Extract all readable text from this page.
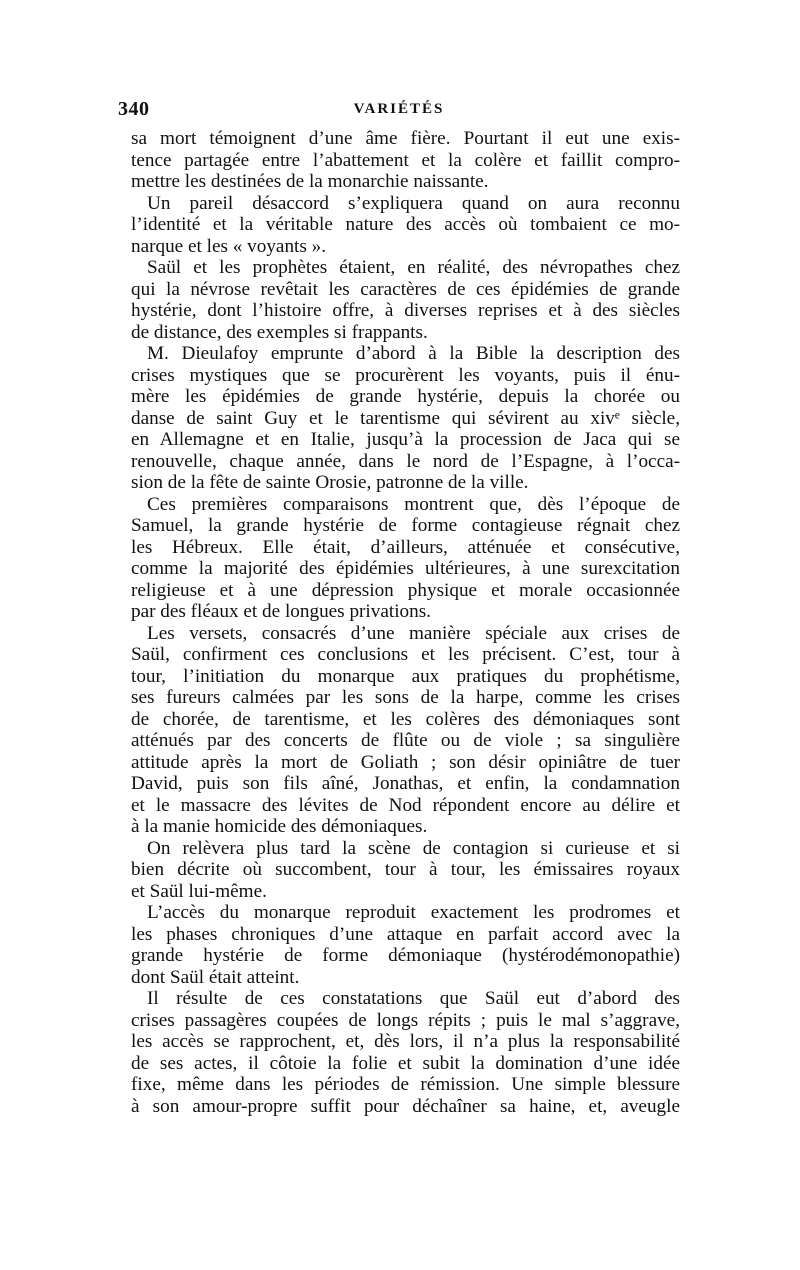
340	VARIÉTÉS
sa mort témoignent d’une âme fière. Pourtant il eut une exis-
tence partagée entre l’abattement et la colère et faillit compro-
mettre les destinées de la monarchie naissante.
Un pareil désaccord s’expliquera quand on aura reconnu
l’identité et la véritable nature des accès où tombaient ce mo-
narque et les « voyants ».
Saül et les prophètes étaient, en réalité, des névropathes chez
qui la névrose revêtait les caractères de ces épidémies de grande
hystérie, dont l’histoire offre, à diverses reprises et à des siècles
de distance, des exemples si frappants.
M. Dieulafoy emprunte d’abord à la Bible la description des
crises mystiques que se procurèrent les voyants, puis il énu-
mère les épidémies de grande hystérie, depuis la chorée ou
danse de saint Guy et le tarentisme qui sévirent au xivᵉ siècle,
en Allemagne et en Italie, jusqu’à la procession de Jaca qui se
renouvelle, chaque année, dans le nord de l’Espagne, à l’occa-
sion de la fête de sainte Orosie, patronne de la ville.
Ces premières comparaisons montrent que, dès l’époque de
Samuel, la grande hystérie de forme contagieuse régnait chez
les Hébreux. Elle était, d’ailleurs, atténuée et consécutive,
comme la majorité des épidémies ultérieures, à une surexcitation
religieuse et à une dépression physique et morale occasionnée
par des fléaux et de longues privations.
Les versets, consacrés d’une manière spéciale aux crises de
Saül, confirment ces conclusions et les précisent. C’est, tour à
tour, l’initiation du monarque aux pratiques du prophétisme,
ses fureurs calmées par les sons de la harpe, comme les crises
de chorée, de tarentisme, et les colères des démoniaques sont
atténués par des concerts de flûte ou de viole ; sa singulière
attitude après la mort de Goliath ; son désir opiniâtre de tuer
David, puis son fils aîné, Jonathas, et enfin, la condamnation
et le massacre des lévites de Nod répondent encore au délire et
à la manie homicide des démoniaques.
On relèvera plus tard la scène de contagion si curieuse et si
bien décrite où succombent, tour à tour, les émissaires royaux
et Saül lui-même.
L’accès du monarque reproduit exactement les prodromes et
les phases chroniques d’une attaque en parfait accord avec la
grande hystérie de forme démoniaque (hystérodémonopathie)
dont Saül était atteint.
Il résulte de ces constatations que Saül eut d’abord des
crises passagères coupées de longs répits ; puis le mal s’aggrave,
les accès se rapprochent, et, dès lors, il n’a plus la responsabilité
de ses actes, il côtoie la folie et subit la domination d’une idée
fixe, même dans les périodes de rémission. Une simple blessure
à son amour-propre suffit pour déchaîner sa haine, et, aveugle
